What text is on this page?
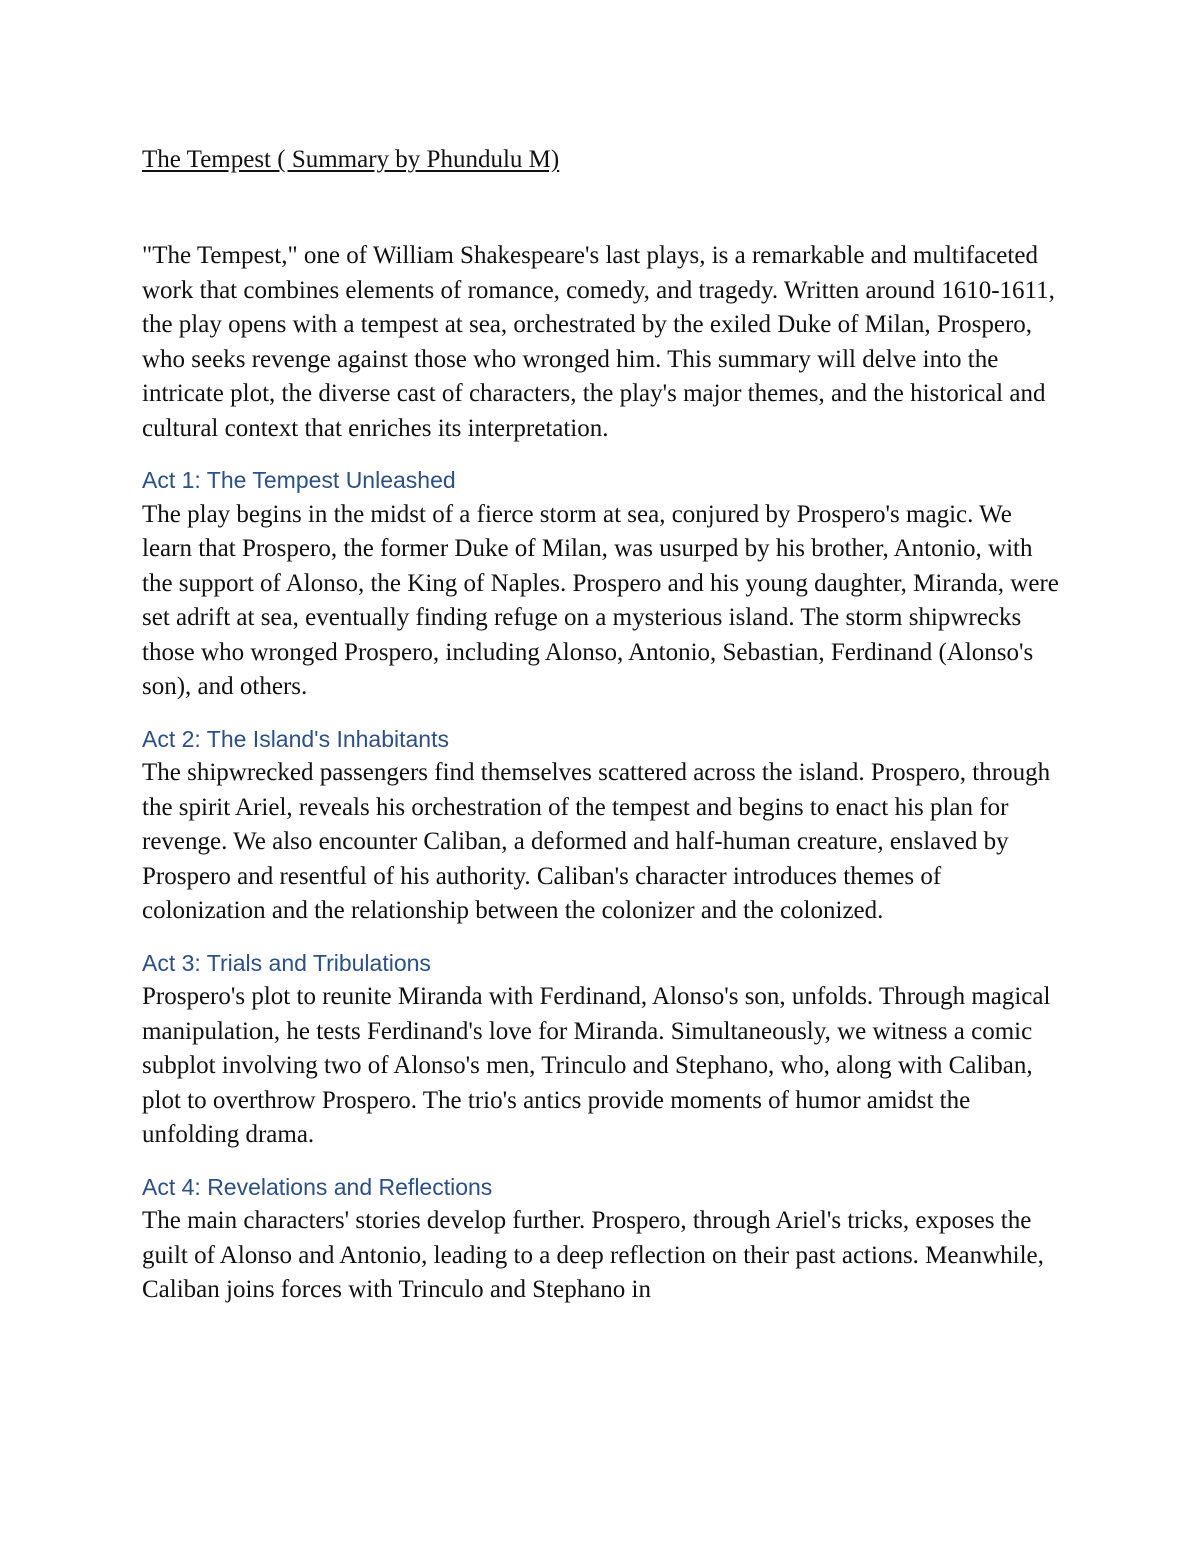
The Tempest ( Summary by Phundulu M)

"The Tempest," one of William Shakespeare's last plays, is a remarkable and multifaceted work that combines elements of romance, comedy, and tragedy. Written around 1610-1611, the play opens with a tempest at sea, orchestrated by the exiled Duke of Milan, Prospero, who seeks revenge against those who wronged him. This summary will delve into the intricate plot, the diverse cast of characters, the play's major themes, and the historical and cultural context that enriches its interpretation.

Act 1: The Tempest Unleashed

The play begins in the midst of a fierce storm at sea, conjured by Prospero's magic. We learn that Prospero, the former Duke of Milan, was usurped by his brother, Antonio, with the support of Alonso, the King of Naples. Prospero and his young daughter, Miranda, were set adrift at sea, eventually finding refuge on a mysterious island. The storm shipwrecks those who wronged Prospero, including Alonso, Antonio, Sebastian, Ferdinand (Alonso's son), and others.

Act 2: The Island's Inhabitants

The shipwrecked passengers find themselves scattered across the island. Prospero, through the spirit Ariel, reveals his orchestration of the tempest and begins to enact his plan for revenge. We also encounter Caliban, a deformed and half-human creature, enslaved by Prospero and resentful of his authority. Caliban's character introduces themes of colonization and the relationship between the colonizer and the colonized.

Act 3: Trials and Tribulations

Prospero's plot to reunite Miranda with Ferdinand, Alonso's son, unfolds. Through magical manipulation, he tests Ferdinand's love for Miranda. Simultaneously, we witness a comic subplot involving two of Alonso's men, Trinculo and Stephano, who, along with Caliban, plot to overthrow Prospero. The trio's antics provide moments of humor amidst the unfolding drama.

Act 4: Revelations and Reflections

The main characters' stories develop further. Prospero, through Ariel's tricks, exposes the guilt of Alonso and Antonio, leading to a deep reflection on their past actions. Meanwhile, Caliban joins forces with Trinculo and Stephano in
